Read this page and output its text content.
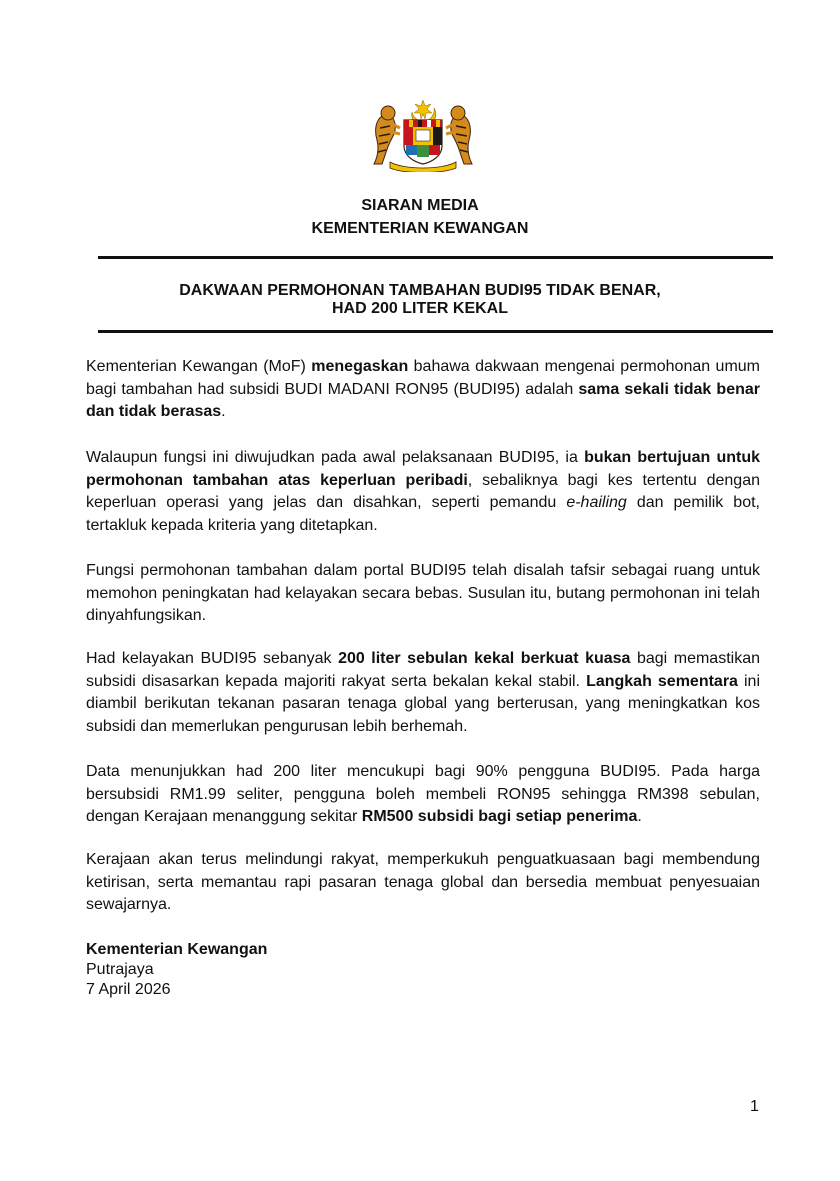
SIARAN MEDIA
KEMENTERIAN KEWANGAN
DAKWAAN PERMOHONAN TAMBAHAN BUDI95 TIDAK BENAR,
HAD 200 LITER KEKAL

Kementerian Kewangan (MoF) menegaskan bahawa dakwaan mengenai permohonan umum bagi tambahan had subsidi BUDI MADANI RON95 (BUDI95) adalah sama sekali tidak benar dan tidak berasas.

Walaupun fungsi ini diwujudkan pada awal pelaksanaan BUDI95, ia bukan bertujuan untuk permohonan tambahan atas keperluan peribadi, sebaliknya bagi kes tertentu dengan keperluan operasi yang jelas dan disahkan, seperti pemandu e-hailing dan pemilik bot, tertakluk kepada kriteria yang ditetapkan.

Fungsi permohonan tambahan dalam portal BUDI95 telah disalah tafsir sebagai ruang untuk memohon peningkatan had kelayakan secara bebas. Susulan itu, butang permohonan ini telah dinyahfungsikan.

Had kelayakan BUDI95 sebanyak 200 liter sebulan kekal berkuat kuasa bagi memastikan subsidi disasarkan kepada majoriti rakyat serta bekalan kekal stabil. Langkah sementara ini diambil berikutan tekanan pasaran tenaga global yang berterusan, yang meningkatkan kos subsidi dan memerlukan pengurusan lebih berhemah.

Data menunjukkan had 200 liter mencukupi bagi 90% pengguna BUDI95. Pada harga bersubsidi RM1.99 seliter, pengguna boleh membeli RON95 sehingga RM398 sebulan, dengan Kerajaan menanggung sekitar RM500 subsidi bagi setiap penerima.

Kerajaan akan terus melindungi rakyat, memperkukuh penguatkuasaan bagi membendung ketirisan, serta memantau rapi pasaran tenaga global dan bersedia membuat penyesuaian sewajarnya.

Kementerian Kewangan
Putrajaya
7 April 2026
1
